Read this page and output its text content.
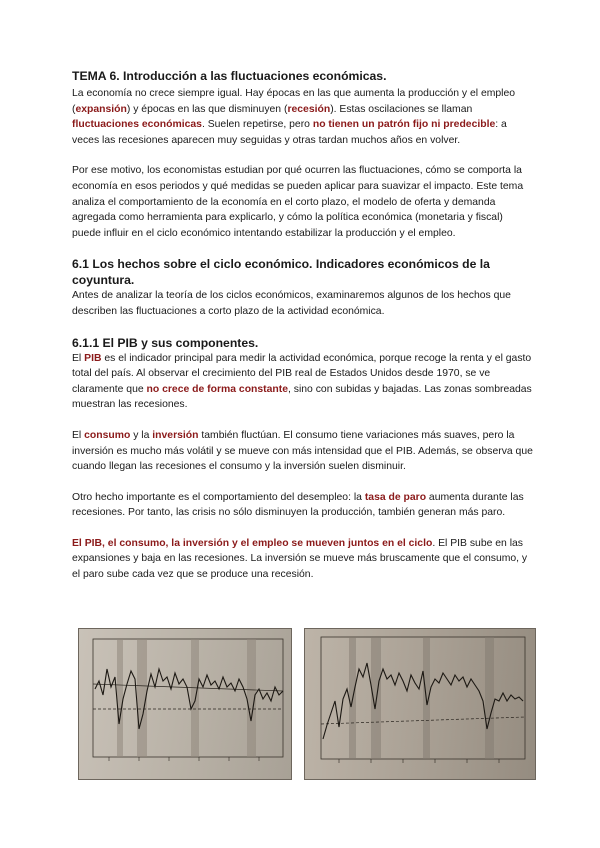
TEMA 6. Introducción a las fluctuaciones económicas.

La economía no crece siempre igual. Hay épocas en las que aumenta la producción y el empleo (expansión) y épocas en las que disminuyen (recesión). Estas oscilaciones se llaman fluctuaciones económicas. Suelen repetirse, pero no tienen un patrón fijo ni predecible: a veces las recesiones aparecen muy seguidas y otras tardan muchos años en volver.

Por ese motivo, los economistas estudian por qué ocurren las fluctuaciones, cómo se comporta la economía en esos periodos y qué medidas se pueden aplicar para suavizar el impacto. Este tema analiza el comportamiento de la economía en el corto plazo, el modelo de oferta y demanda agregada como herramienta para explicarlo, y cómo la política económica (monetaria y fiscal) puede influir en el ciclo económico intentando estabilizar la producción y el empleo.

6.1 Los hechos sobre el ciclo económico. Indicadores económicos de la coyuntura.

Antes de analizar la teoría de los ciclos económicos, examinaremos algunos de los hechos que describen las fluctuaciones a corto plazo de la actividad económica.

6.1.1 El PIB y sus componentes.

El PIB es el indicador principal para medir la actividad económica, porque recoge la renta y el gasto total del país. Al observar el crecimiento del PIB real de Estados Unidos desde 1970, se ve claramente que no crece de forma constante, sino con subidas y bajadas. Las zonas sombreadas muestran las recesiones.

El consumo y la inversión también fluctúan. El consumo tiene variaciones más suaves, pero la inversión es mucho más volátil y se mueve con más intensidad que el PIB. Además, se observa que cuando llegan las recesiones el consumo y la inversión suelen disminuir.

Otro hecho importante es el comportamiento del desempleo: la tasa de paro aumenta durante las recesiones. Por tanto, las crisis no sólo disminuyen la producción, también generan más paro.

El PIB, el consumo, la inversión y el empleo se mueven juntos en el ciclo. El PIB sube en las expansiones y baja en las recesiones. La inversión se mueve más bruscamente que el consumo, y el paro sube cada vez que se produce una recesión.
